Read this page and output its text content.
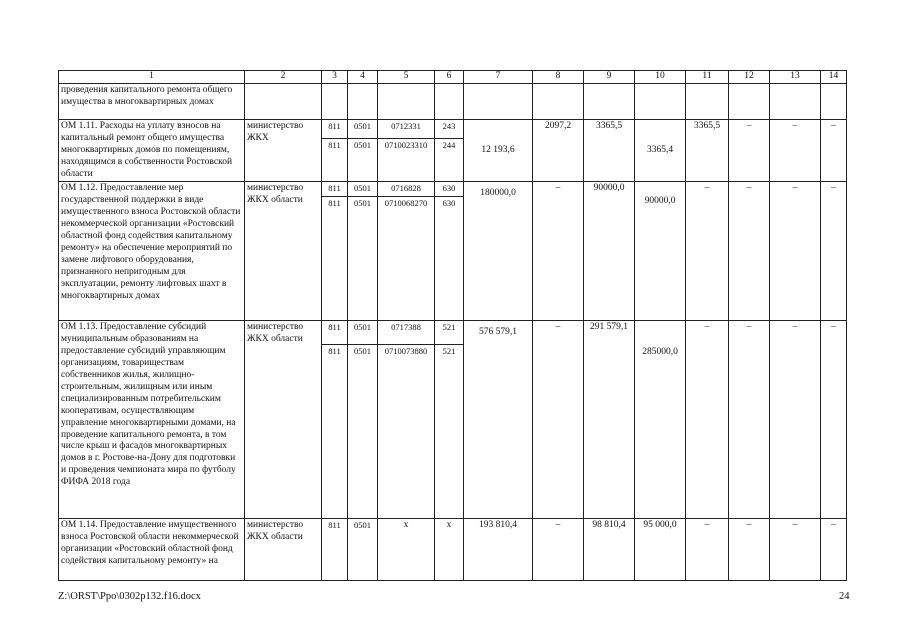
1	2	3	4	5	6	7	8	9	10	11	12	13	14
проведения капитального ремонта общего имущества в многоквартирных домах													
ОМ 1.11. Расходы на уплату взносов на капитальный ремонт общего имущества многоквартирных домов по помещениям, находящимся в собственности Ростовской области	министерство ЖКХ	811	0501	0712331	243	12 193,6	2097,2	3365,5	3365,4	3365,5	–	–	–
		811	0501	0710023310	244								
ОМ 1.12. Предоставление мер государственной поддержки в виде имущественного взноса Ростовской области некоммерческой организации «Ростовский областной фонд содействия капитальному ремонту» на обеспечение мероприятий по замене лифтового оборудования, признанного непригодным для эксплуатации, ремонту лифтовых шахт в многоквартирных домах	министерство ЖКХ области	811	0501	0716828	630	180000,0	–	90000,0	90000,0	–	–	–	–
		811	0501	0710068270	630								
ОМ 1.13. Предоставление субсидий муниципальным образованиям на предоставление субсидий управляющим организациям, товариществам собственников жилья, жилищно-строительным, жилищным или иным специализированным потребительским кооперативам, осуществляющим управление многоквартирными домами, на проведение капитального ремонта, в том числе крыш и фасадов многоквартирных домов в г. Ростове-на-Дону для подготовки и проведения чемпионата мира по футболу ФИФА 2018 года	министерство ЖКХ области	811	0501	0717388	521	576 579,1	–	291 579,1	285000,0	–	–	–	–
		811	0501	0710073880	521								
ОМ 1.14. Предоставление имущественного взноса Ростовской области некоммерческой организации «Ростовский областной фонд содействия капитальному ремонту» на	министерство ЖКХ области	811	0501	х	х	193 810,4	–	98 810,4	95 000,0	–	–	–	–
Z:\ORST\Ppo\0302p132.f16.docx	24
